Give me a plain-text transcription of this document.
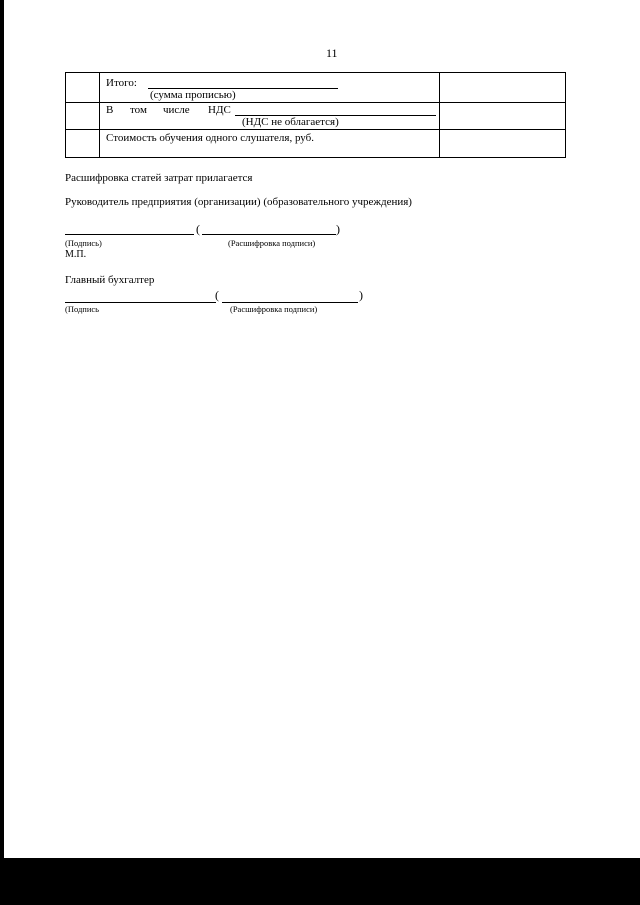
11
Итого:
(сумма прописью)
В том числе НДС
(НДС не облагается)
Стоимость обучения одного слушателя, руб.
Расшифровка статей затрат прилагается
Руководитель предприятия (организации) (образовательного учреждения)
(	)
(Подпись)	(Расшифровка подписи)
М.П.
Главный бухгалтер
(	)
(Подпись	(Расшифровка подписи)
